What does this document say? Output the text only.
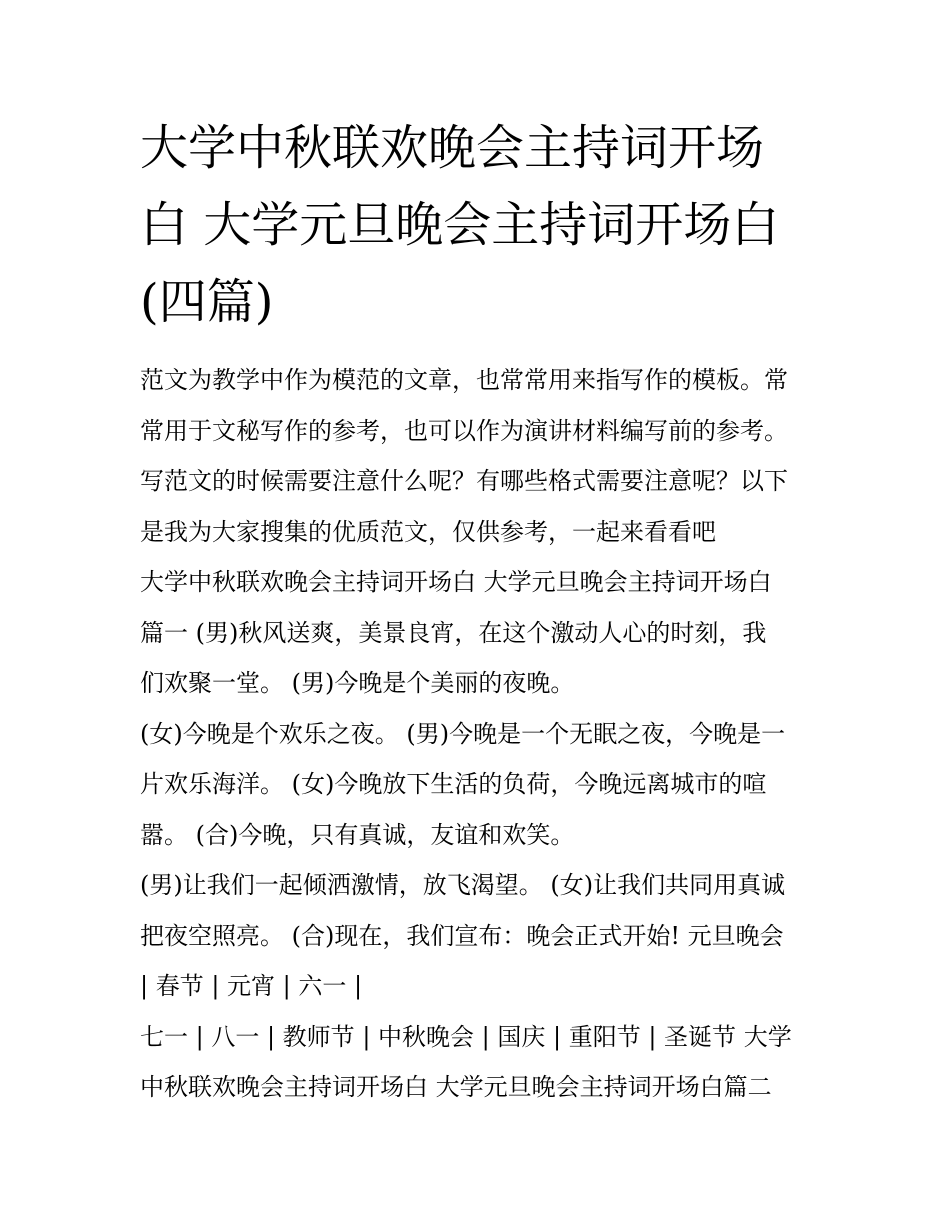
大学中秋联欢晚会主持词开场
白 大学元旦晚会主持词开场白
(四篇)
范文为教学中作为模范的文章，也常常用来指写作的模板。常
常用于文秘写作的参考，也可以作为演讲材料编写前的参考。
写范文的时候需要注意什么呢？有哪些格式需要注意呢？以下
是我为大家搜集的优质范文，仅供参考，一起来看看吧
大学中秋联欢晚会主持词开场白 大学元旦晚会主持词开场白
篇一 (男)秋风送爽，美景良宵，在这个激动人心的时刻，我
们欢聚一堂。 (男)今晚是个美丽的夜晚。
(女)今晚是个欢乐之夜。 (男)今晚是一个无眠之夜，今晚是一
片欢乐海洋。 (女)今晚放下生活的负荷，今晚远离城市的喧
嚣。 (合)今晚，只有真诚，友谊和欢笑。
(男)让我们一起倾洒激情，放飞渴望。 (女)让我们共同用真诚
把夜空照亮。 (合)现在，我们宣布：晚会正式开始! 元旦晚会
| 春节 | 元宵 | 六一 |
七一 | 八一 | 教师节 | 中秋晚会 | 国庆 | 重阳节 | 圣诞节 大学
中秋联欢晚会主持词开场白 大学元旦晚会主持词开场白篇二
